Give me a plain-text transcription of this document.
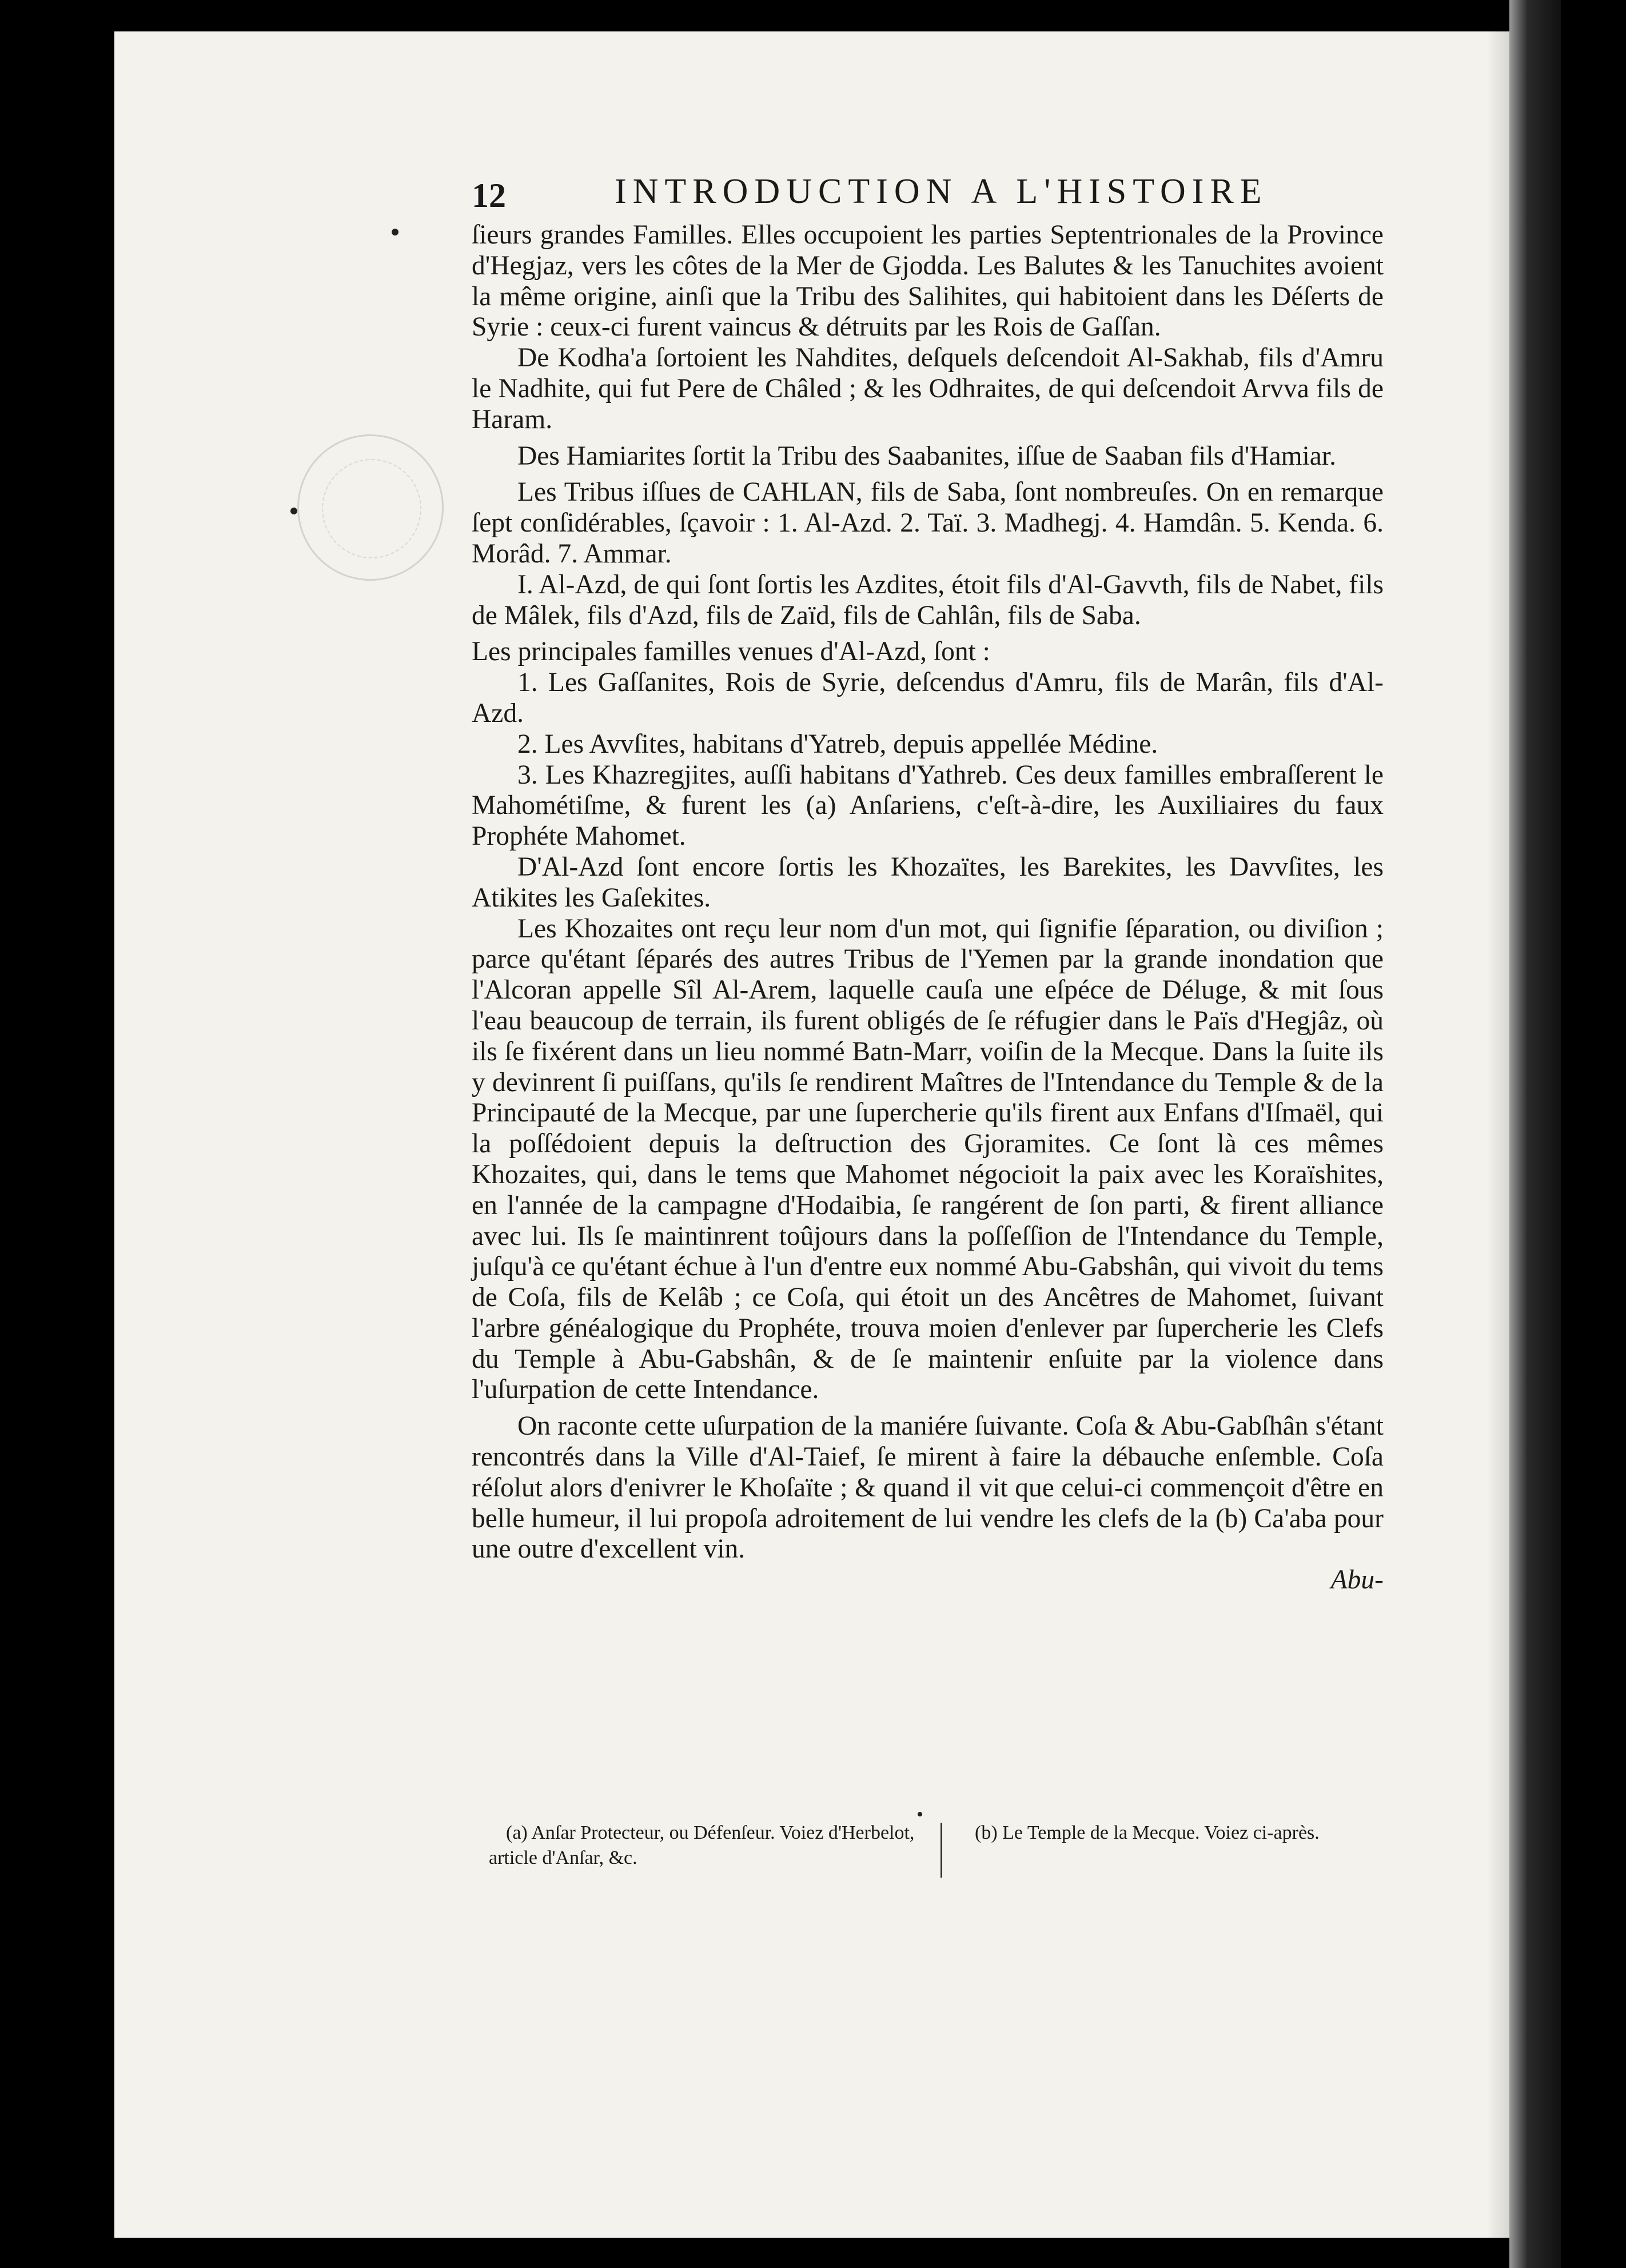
12	INTRODUCTION A L'HISTOIRE

ſieurs grandes Familles. Elles occupoient les parties Septentrionales de la Province d'Hegjaz, vers les côtes de la Mer de Gjodda. Les Balutes & les Tanuchites avoient la même origine, ainſi que la Tribu des Salihites, qui habitoient dans les Déſerts de Syrie : ceux-ci furent vaincus & détruits par les Rois de Gaſſan.

De Kodha'a ſortoient les Nahdites, deſquels deſcendoit Al-Sakhab, fils d'Amru le Nadhite, qui fut Pere de Châled ; & les Odhraites, de qui deſcendoit Arvva fils de Haram.

Des Hamiarites ſortit la Tribu des Saabanites, iſſue de Saaban fils d'Hamiar.

Les Tribus iſſues de CAHLAN, fils de Saba, ſont nombreuſes. On en remarque ſept conſidérables, ſçavoir : 1. Al-Azd. 2. Taï. 3. Madhegj. 4. Hamdân. 5. Kenda. 6. Morâd. 7. Ammar.

I. Al-Azd, de qui ſont ſortis les Azdites, étoit fils d'Al-Gavvth, fils de Nabet, fils de Mâlek, fils d'Azd, fils de Zaïd, fils de Cahlân, fils de Saba.

Les principales familles venues d'Al-Azd, ſont :

1. Les Gaſſanites, Rois de Syrie, deſcendus d'Amru, fils de Marân, fils d'Al-Azd.

2. Les Avvſites, habitans d'Yatreb, depuis appellée Médine.

3. Les Khazregjites, auſſi habitans d'Yathreb. Ces deux familles embraſſerent le Mahométiſme, & furent les (a) Anſariens, c'eſt-à-dire, les Auxiliaires du faux Prophéte Mahomet.

D'Al-Azd ſont encore ſortis les Khozaïtes, les Barekites, les Davvſites, les Atikites les Gaſekites.

Les Khozaites ont reçu leur nom d'un mot, qui ſignifie ſéparation, ou diviſion ; parce qu'étant ſéparés des autres Tribus de l'Yemen par la grande inondation que l'Alcoran appelle Sîl Al-Arem, laquelle cauſa une eſpéce de Déluge, & mit ſous l'eau beaucoup de terrain, ils furent obligés de ſe réfugier dans le Païs d'Hegjâz, où ils ſe fixérent dans un lieu nommé Batn-Marr, voiſin de la Mecque. Dans la ſuite ils y devinrent ſi puiſſans, qu'ils ſe rendirent Maîtres de l'Intendance du Temple & de la Principauté de la Mecque, par une ſupercherie qu'ils firent aux Enfans d'Iſmaël, qui la poſſédoient depuis la deſtruction des Gjoramites. Ce ſont là ces mêmes Khozaites, qui, dans le tems que Mahomet négocioit la paix avec les Koraïshites, en l'année de la campagne d'Hodaibia, ſe rangérent de ſon parti, & firent alliance avec lui. Ils ſe maintinrent toûjours dans la poſſeſſion de l'Intendance du Temple, juſqu'à ce qu'étant échue à l'un d'entre eux nommé Abu-Gabshân, qui vivoit du tems de Coſa, fils de Kelâb ; ce Coſa, qui étoit un des Ancêtres de Mahomet, ſuivant l'arbre généalogique du Prophéte, trouva moien d'enlever par ſupercherie les Clefs du Temple à Abu-Gabshân, & de ſe maintenir enſuite par la violence dans l'uſurpation de cette Intendance.

On raconte cette uſurpation de la maniére ſuivante. Coſa & Abu-Gabſhân s'étant rencontrés dans la Ville d'Al-Taief, ſe mirent à faire la débauche enſemble. Coſa réſolut alors d'enivrer le Khoſaïte ; & quand il vit que celui-ci commençoit d'être en belle humeur, il lui propoſa adroitement de lui vendre les clefs de la (b) Ca'aba pour une outre d'excellent vin.

Abu-

(a) Anſar Protecteur, ou Défenſeur. Voiez d'Herbelot, article d'Anſar, &c.
(b) Le Temple de la Mecque. Voiez ci-après.
